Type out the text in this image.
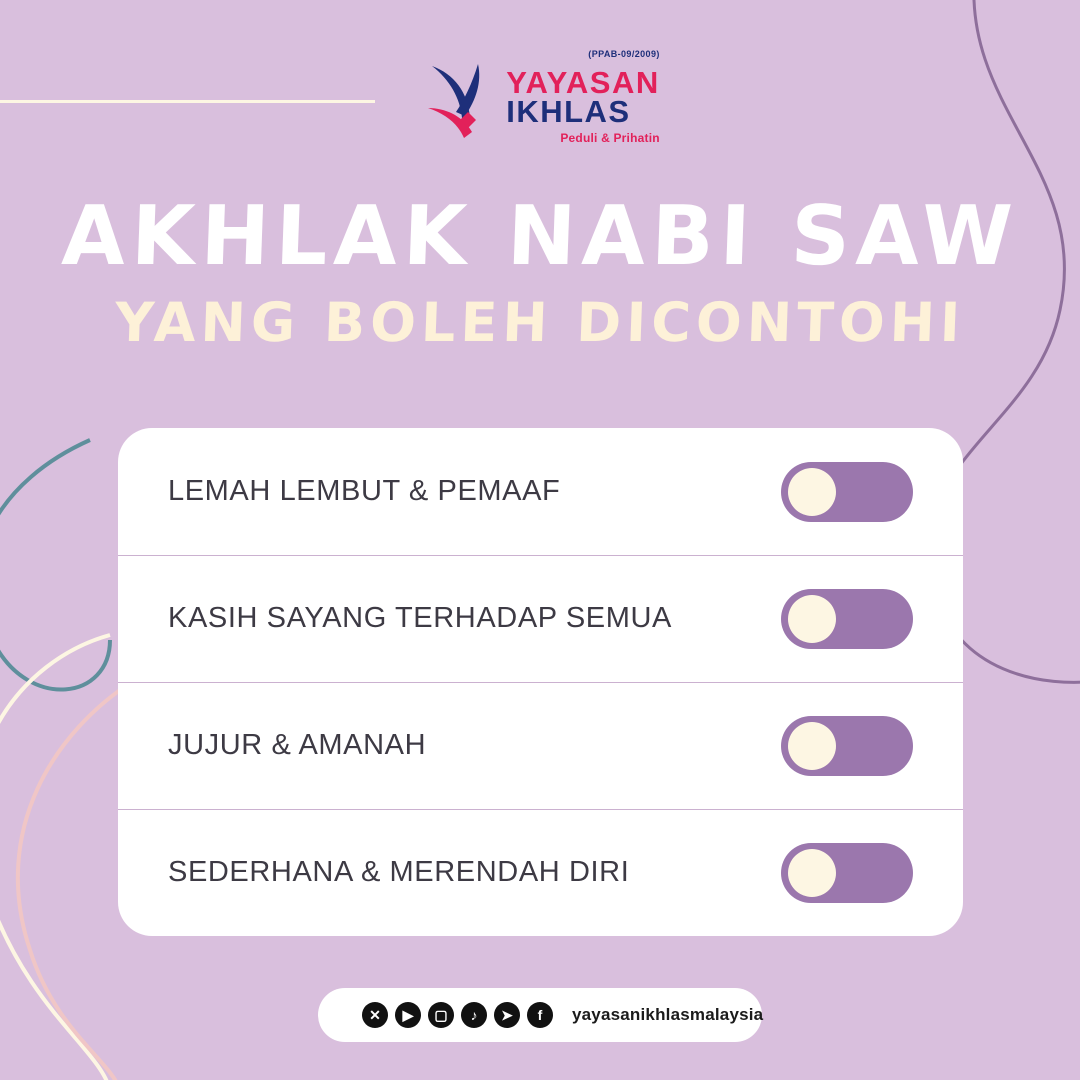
(PPAB-09/2009)
YAYASAN
IKHLAS
Peduli & Prihatin
AKHLAK NABI SAW
YANG BOLEH DICONTOHI
LEMAH LEMBUT & PEMAAF
KASIH SAYANG TERHADAP SEMUA
JUJUR & AMANAH
SEDERHANA & MERENDAH DIRI
✕	▶	▢	♪	➤	f	yayasanikhlasmalaysia
